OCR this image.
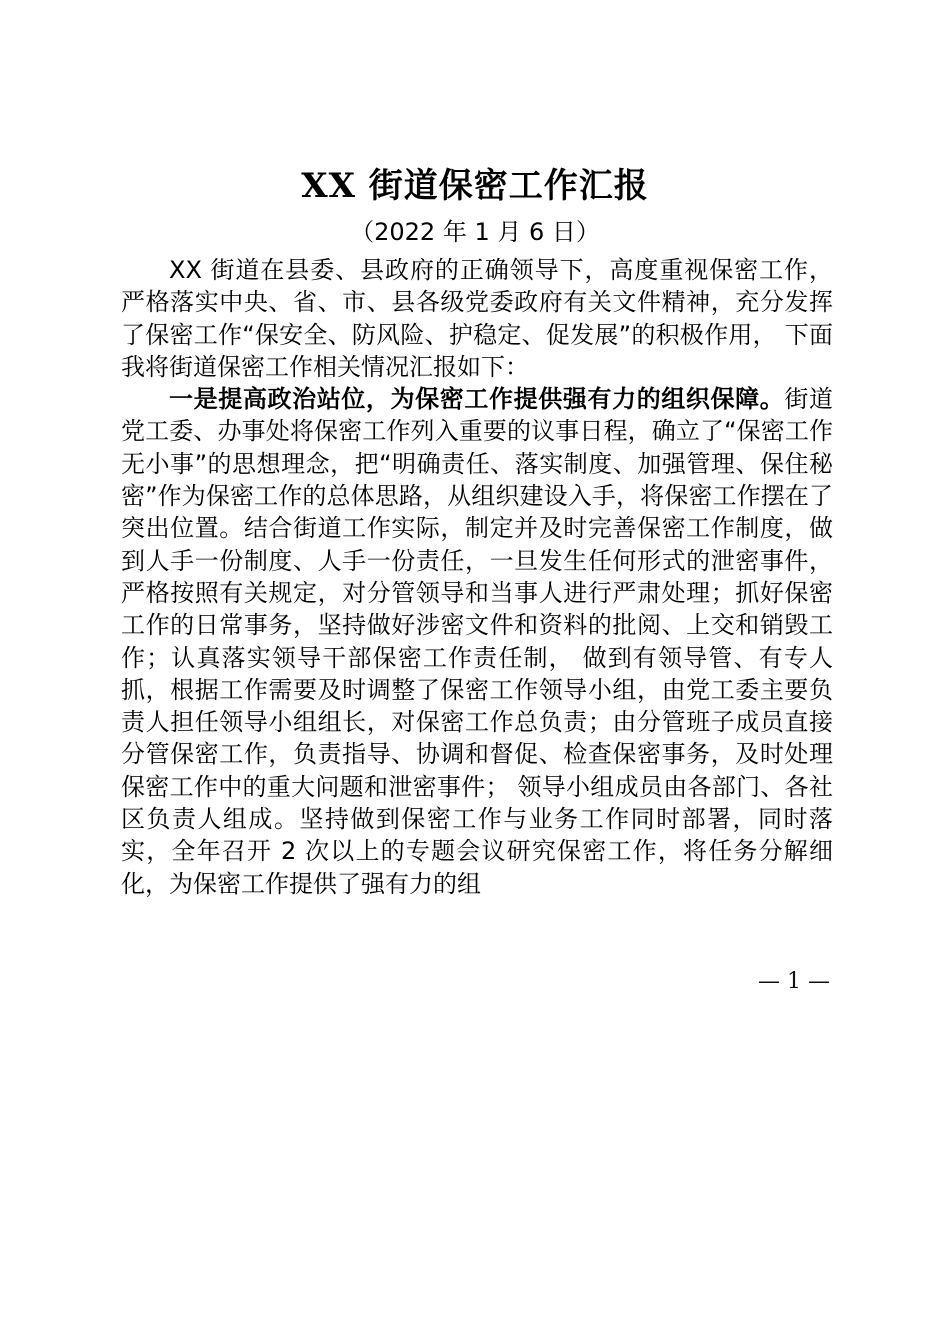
XX 街道保密工作汇报
（2022 年 1 月 6 日）

XX 街道在县委、县政府的正确领导下，高度重视保密工作，严格落实中央、省、市、县各级党委政府有关文件精神，充分发挥了保密工作“保安全、防风险、护稳定、促发展”的积极作用， 下面我将街道保密工作相关情况汇报如下：

一是提高政治站位，为保密工作提供强有力的组织保障。街道党工委、办事处将保密工作列入重要的议事日程，确立了“保密工作无小事”的思想理念，把“明确责任、落实制度、加强管理、保住秘密”作为保密工作的总体思路，从组织建设入手，将保密工作摆在了突出位置。结合街道工作实际，制定并及时完善保密工作制度，做到人手一份制度、人手一份责任，一旦发生任何形式的泄密事件，严格按照有关规定，对分管领导和当事人进行严肃处理；抓好保密工作的日常事务，坚持做好涉密文件和资料的批阅、上交和销毁工作；认真落实领导干部保密工作责任制， 做到有领导管、有专人抓，根据工作需要及时调整了保密工作领导小组，由党工委主要负责人担任领导小组组长，对保密工作总负责；由分管班子成员直接分管保密工作，负责指导、协调和督促、检查保密事务，及时处理保密工作中的重大问题和泄密事件； 领导小组成员由各部门、各社区负责人组成。坚持做到保密工作与业务工作同时部署，同时落实，全年召开 2 次以上的专题会议研究保密工作，将任务分解细化，为保密工作提供了强有力的组

— 1 —
